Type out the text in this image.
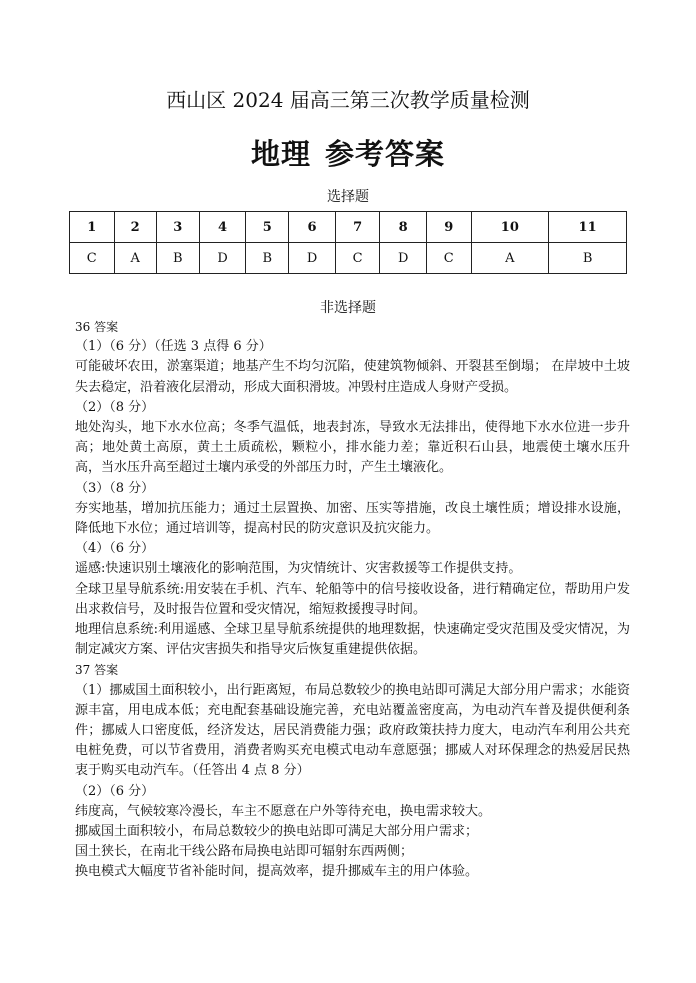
西山区 2024 届高三第三次教学质量检测
地理 参考答案
选择题
1	2	3	4	5	6	7	8	9	10	11
C	A	B	D	B	D	C	D	C	A	B
非选择题

36 答案

（1）（6 分）（任选 3 点得 6 分）

可能破坏农田，淤塞渠道；地基产生不均匀沉陷，使建筑物倾斜、开裂甚至倒塌； 在岸坡中土坡失去稳定，沿着液化层滑动，形成大面积滑坡。冲毁村庄造成人身财产受损。

（2）（8 分）

地处沟头，地下水水位高；冬季气温低，地表封冻，导致水无法排出，使得地下水水位进一步升高；地处黄土高原，黄土土质疏松，颗粒小，排水能力差；靠近积石山县，地震使土壤水压升高，当水压升高至超过土壤内承受的外部压力时，产生土壤液化。

（3）（8 分）

夯实地基，增加抗压能力；通过土层置换、加密、压实等措施，改良土壤性质；增设排水设施，降低地下水位；通过培训等，提高村民的防灾意识及抗灾能力。

（4）（6 分）

遥感:快速识别土壤液化的影响范围，为灾情统计、灾害救援等工作提供支持。

全球卫星导航系统:用安装在手机、汽车、轮船等中的信号接收设备，进行精确定位，帮助用户发出求救信号，及时报告位置和受灾情况，缩短救援搜寻时间。

地理信息系统:利用遥感、全球卫星导航系统提供的地理数据，快速确定受灾范围及受灾情况，为制定减灾方案、评估灾害损失和指导灾后恢复重建提供依据。

37 答案

（1）挪威国土面积较小，出行距离短，布局总数较少的换电站即可满足大部分用户需求；水能资源丰富，用电成本低；充电配套基础设施完善，充电站覆盖密度高，为电动汽车普及提供便利条件；挪威人口密度低，经济发达，居民消费能力强；政府政策扶持力度大，电动汽车利用公共充电桩免费，可以节省费用，消费者购买充电模式电动车意愿强；挪威人对环保理念的热爱居民热衷于购买电动汽车。（任答出 4 点 8 分）

（2）（6 分）

纬度高，气候较寒冷漫长，车主不愿意在户外等待充电，换电需求较大。

挪威国土面积较小，布局总数较少的换电站即可满足大部分用户需求；

国土狭长，在南北干线公路布局换电站即可辐射东西两侧；

换电模式大幅度节省补能时间，提高效率，提升挪威车主的用户体验。
